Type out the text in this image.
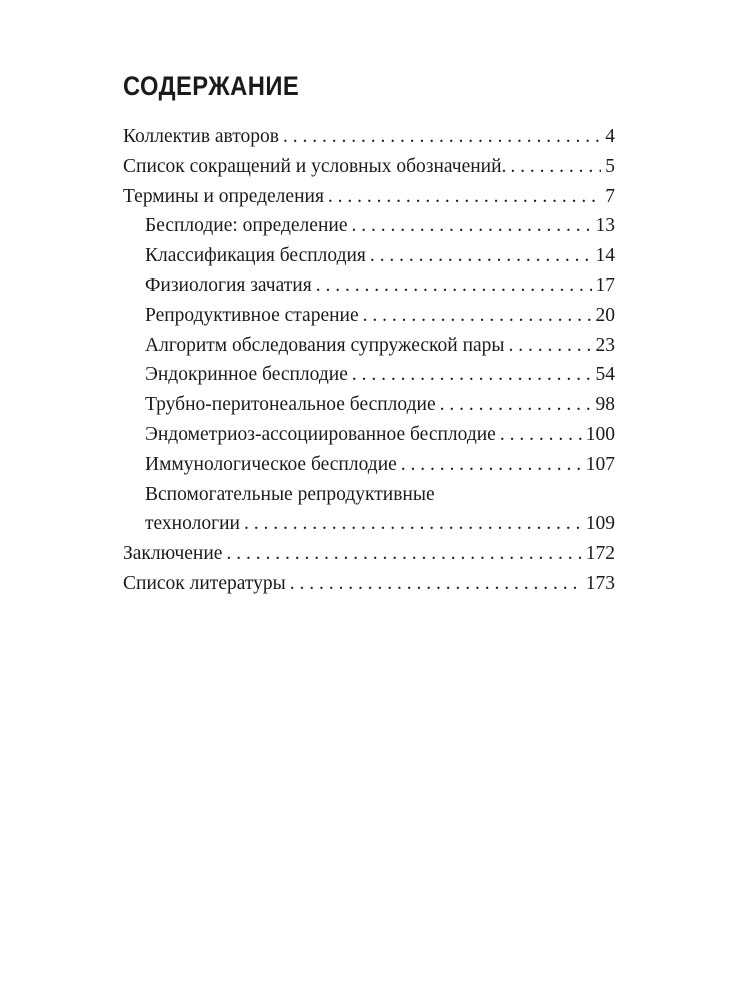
СОДЕРЖАНИЕ
Коллектив авторов . . .	4
Список сокращений и условных обозначений. . . .	5
Термины и определения . . .	7
Бесплодие: определение . . .	13
Классификация бесплодия . . .	14
Физиология зачатия . . .	17
Репродуктивное старение . . .	20
Алгоритм обследования супружеской пары . . .	23
Эндокринное бесплодие . . .	54
Трубно-перитонеальное бесплодие . . .	98
Эндометриоз-ассоциированное бесплодие . . .	100
Иммунологическое бесплодие . . .	107
Вспомогательные репродуктивные
технологии . . .	109
Заключение . . .	172
Список литературы . . .	173
